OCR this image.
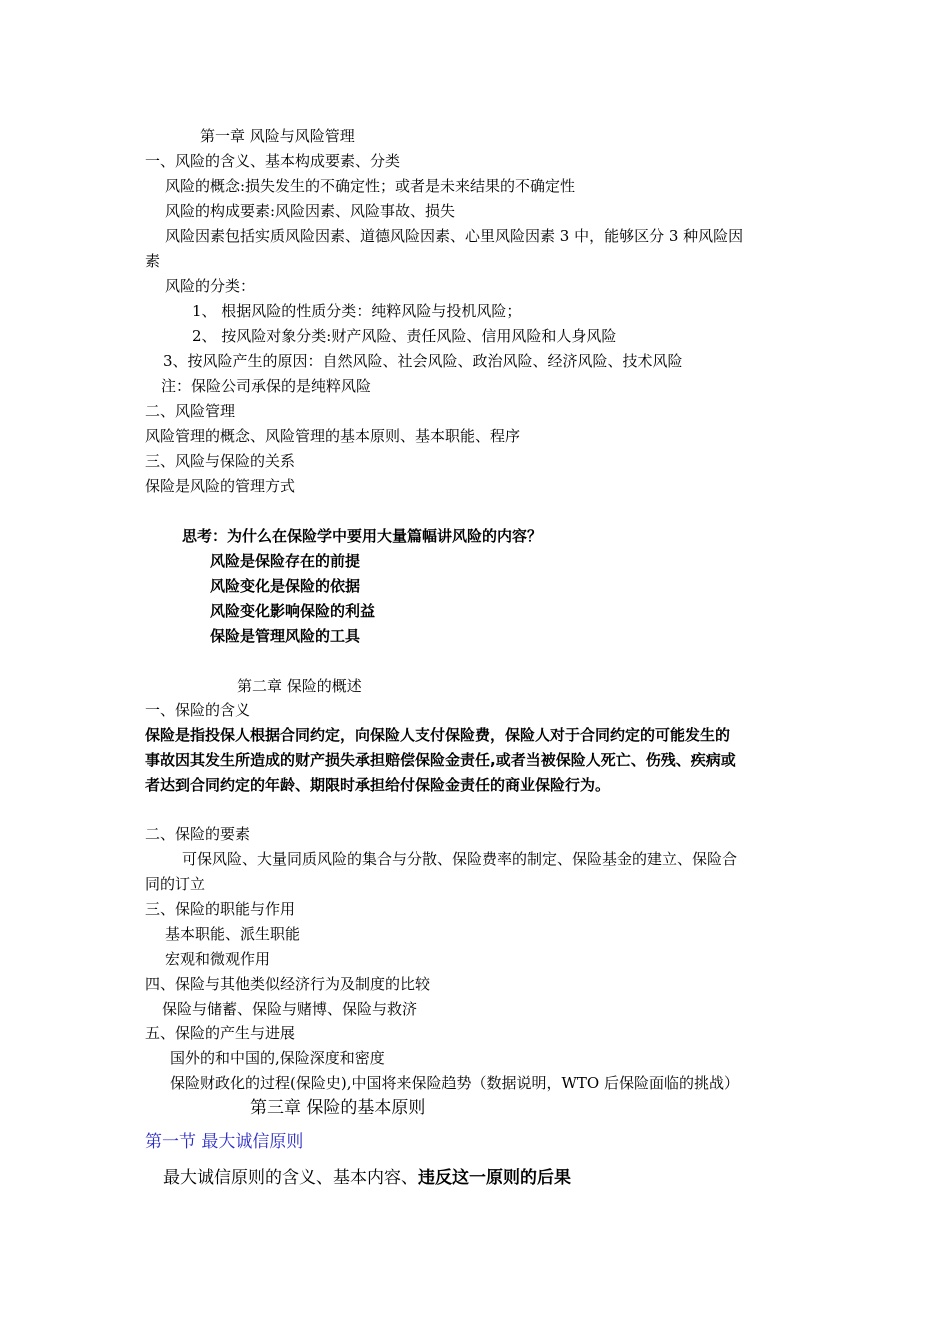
第一章 风险与风险管理
一、风险的含义、基本构成要素、分类
风险的概念:损失发生的不确定性；或者是未来结果的不确定性
风险的构成要素:风险因素、风险事故、损失
风险因素包括实质风险因素、道德风险因素、心里风险因素 3 中，能够区分 3 种风险因
素
风险的分类：
1、 根据风险的性质分类：纯粹风险与投机风险；
2、 按风险对象分类:财产风险、责任风险、信用风险和人身风险
3、按风险产生的原因：自然风险、社会风险、政治风险、经济风险、技术风险
注：保险公司承保的是纯粹风险
二、风险管理
风险管理的概念、风险管理的基本原则、基本职能、程序
三、风险与保险的关系
保险是风险的管理方式
思考：为什么在保险学中要用大量篇幅讲风险的内容？
风险是保险存在的前提
风险变化是保险的依据
风险变化影响保险的利益
保险是管理风险的工具
第二章 保险的概述
一、保险的含义
保险是指投保人根据合同约定，向保险人支付保险费，保险人对于合同约定的可能发生的
事故因其发生所造成的财产损失承担赔偿保险金责任,或者当被保险人死亡、伤残、疾病或
者达到合同约定的年龄、期限时承担给付保险金责任的商业保险行为。
二、保险的要素
可保风险、大量同质风险的集合与分散、保险费率的制定、保险基金的建立、保险合
同的订立
三、保险的职能与作用
基本职能、派生职能
宏观和微观作用
四、保险与其他类似经济行为及制度的比较
保险与储蓄、保险与赌博、保险与救济
五、保险的产生与进展
国外的和中国的,保险深度和密度
保险财政化的过程(保险史),中国将来保险趋势（数据说明，WTO 后保险面临的挑战）
第三章 保险的基本原则
第一节 最大诚信原则
最大诚信原则的含义、基本内容、违反这一原则的后果
